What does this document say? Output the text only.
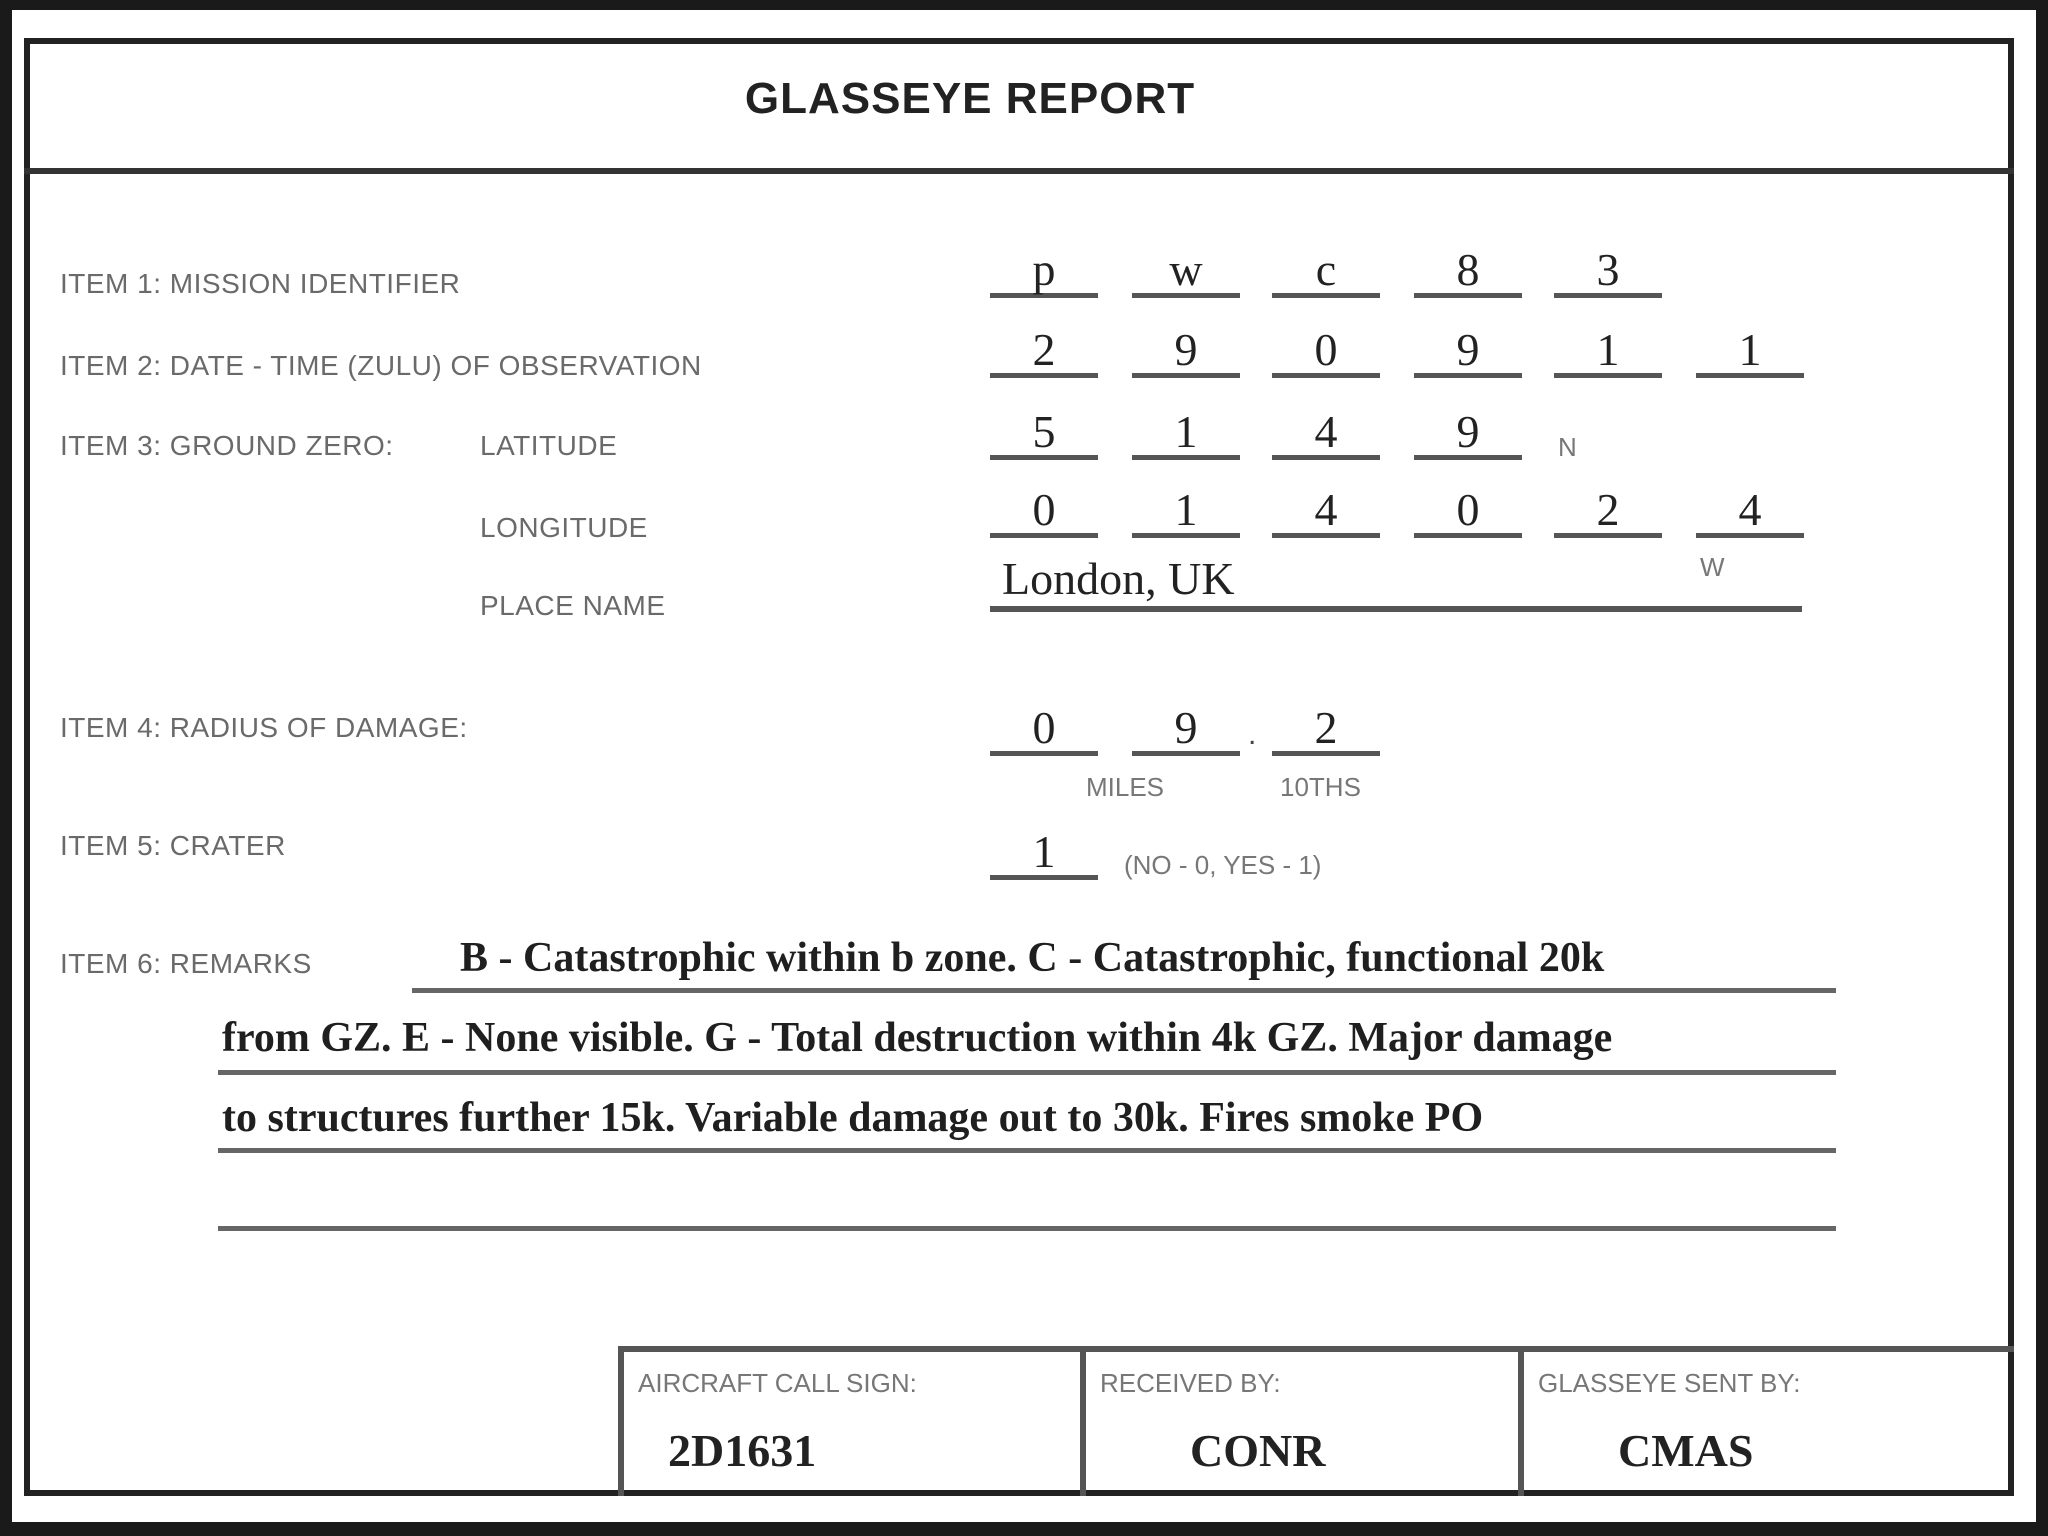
GLASSEYE REPORT
ITEM 1: MISSION IDENTIFIER	p	w	c	8	3
ITEM 2: DATE - TIME (ZULU) OF OBSERVATION	2	9	0	9	1	1
ITEM 3: GROUND ZERO:	LATITUDE	5	1	4	9	N
LONGITUDE	0	1	4	0	2	4
W
PLACE NAME
London, UK
ITEM 4: RADIUS OF DAMAGE:	0	9	.	2
MILES	10THS
ITEM 5: CRATER	1	(NO - 0, YES - 1)
ITEM 6: REMARKS	B - Catastrophic within b zone. C - Catastrophic, functional 20k
from GZ. E - None visible. G - Total destruction within 4k GZ. Major damage
to structures further 15k. Variable damage out to 30k. Fires smoke PO
AIRCRAFT CALL SIGN:
2D1631
RECEIVED BY:
CONR
GLASSEYE SENT BY:
CMAS
